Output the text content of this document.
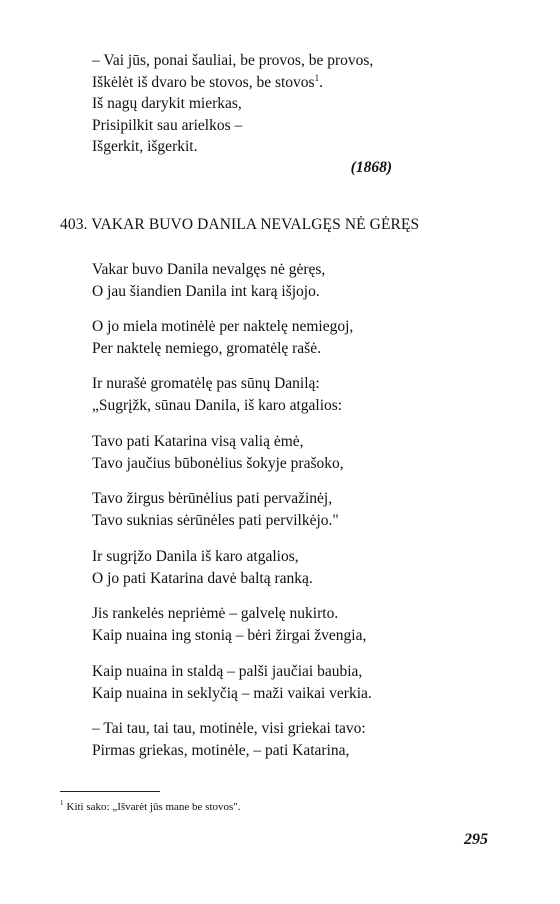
– Vai jūs, ponai šauliai, be provos, be provos,
Iškėlėt iš dvaro be stovos, be stovos$^1$.
Iš nagų darykit mierkas,
Prisipilkit sau arielkos –
Išgerkit, išgerkit.
(1868)
403. VAKAR BUVO DANILA NEVALGĘS NĖ GĖRĘS
Vakar buvo Danila nevalgęs nė gėręs,
O jau šiandien Danila int karą išjojo.
O jo miela motinėlė per naktelę nemiegoj,
Per naktelę nemiego, gromatėlę rašė.
Ir nurašė gromatėlę pas sūnų Danilą:
„Sugrįžk, sūnau Danila, iš karo atgalios:
Tavo pati Katarina visą valią ėmė,
Tavo jaučius būbonėlius šokyje prašoko,
Tavo žirgus bėrūnėlius pati pervažinėj,
Tavo suknias sėrūnėles pati pervilkėjo."
Ir sugrįžo Danila iš karo atgalios,
O jo pati Katarina davė baltą ranką.
Jis rankelės nepriėmė – galvelę nukirto.
Kaip nuaina ing stonią – bėri žirgai žvengia,
Kaip nuaina in staldą – palši jaučiai baubia,
Kaip nuaina in seklyčią – maži vaikai verkia.
– Tai tau, tai tau, motinėle, visi griekai tavo:
Pirmas griekas, motinėle, – pati Katarina,
$^1$ Kiti sako: „Išvarėt jūs mane be stovos".
295
